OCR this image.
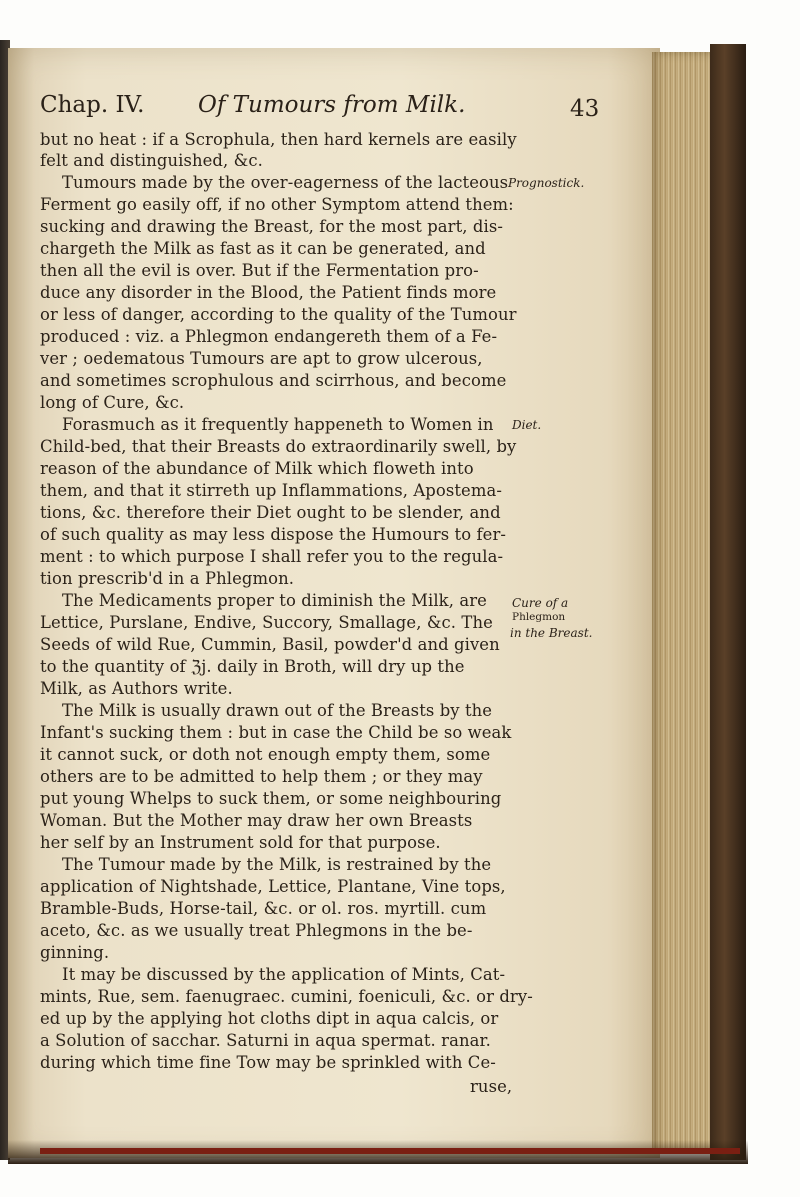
Chap. IV. Of Tumours from Milk.	43
but no heat : if a Scrophula, then hard kernels are easily
felt and distinguished, &c.
Tumours made by the over-eagerness of the lacteous
Ferment go easily off, if no other Symptom attend them:
sucking and drawing the Breast, for the most part, dis-
chargeth the Milk as fast as it can be generated, and
then all the evil is over. But if the Fermentation pro-
duce any disorder in the Blood, the Patient finds more
or less of danger, according to the quality of the Tumour
produced : viz. a Phlegmon endangereth them of a Fe-
ver ; oedematous Tumours are apt to grow ulcerous,
and sometimes scrophulous and scirrhous, and become
long of Cure, &c.
Forasmuch as it frequently happeneth to Women in
Child-bed, that their Breasts do extraordinarily swell, by
reason of the abundance of Milk which floweth into
them, and that it stirreth up Inflammations, Apostema-
tions, &c. therefore their Diet ought to be slender, and
of such quality as may less dispose the Humours to fer-
ment : to which purpose I shall refer you to the regula-
tion prescrib'd in a Phlegmon.
The Medicaments proper to diminish the Milk, are
Lettice, Purslane, Endive, Succory, Smallage, &c. The
Seeds of wild Rue, Cummin, Basil, powder'd and given
to the quantity of ℨj. daily in Broth, will dry up the
Milk, as Authors write.
The Milk is usually drawn out of the Breasts by the
Infant's sucking them : but in case the Child be so weak
it cannot suck, or doth not enough empty them, some
others are to be admitted to help them ; or they may
put young Whelps to suck them, or some neighbouring
Woman. But the Mother may draw her own Breasts
her self by an Instrument sold for that purpose.
The Tumour made by the Milk, is restrained by the
application of Nightshade, Lettice, Plantane, Vine tops,
Bramble-Buds, Horse-tail, &c. or ol. ros. myrtill. cum
aceto, &c. as we usually treat Phlegmons in the be-
ginning.
It may be discussed by the application of Mints, Cat-
mints, Rue, sem. faenugraec. cumini, foeniculi, &c. or dry-
ed up by the applying hot cloths dipt in aqua calcis, or
a Solution of sacchar. Saturni in aqua spermat. ranar.
during which time fine Tow may be sprinkled with Ce-
ruse,
Prognostick.
Diet.
Cure of a
Phlegmon
in the Breast.
